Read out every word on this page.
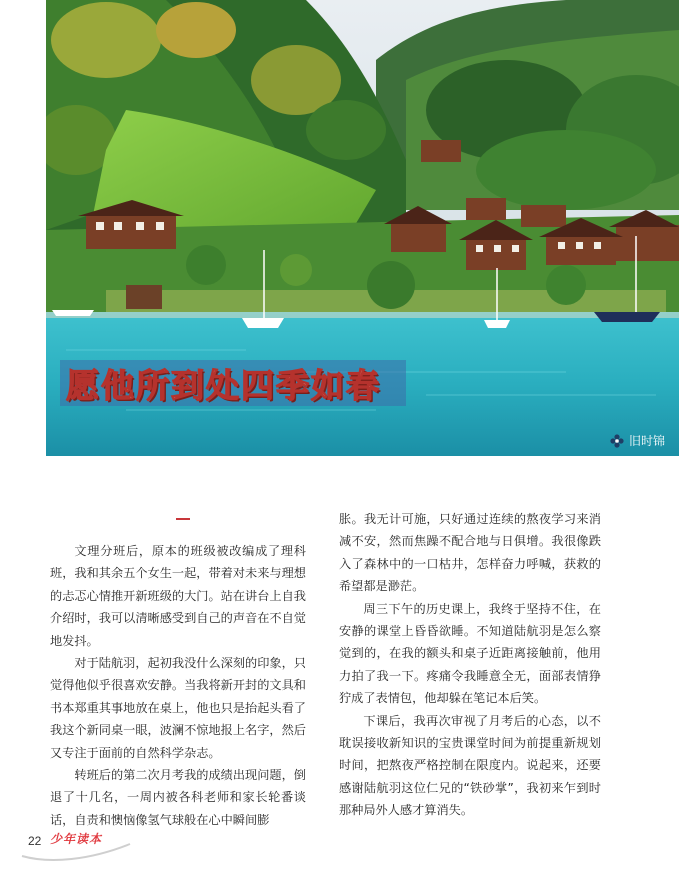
愿他所到处四季如春
旧时锦

文理分班后，原本的班级被改编成了理科班，我和其余五个女生一起，带着对未来与理想的忐忑心情推开新班级的大门。站在讲台上自我介绍时，我可以清晰感受到自己的声音在不自觉地发抖。

对于陆航羽，起初我没什么深刻的印象，只觉得他似乎很喜欢安静。当我将新开封的文具和书本郑重其事地放在桌上，他也只是抬起头看了我这个新同桌一眼，波澜不惊地报上名字，然后又专注于面前的自然科学杂志。

转班后的第二次月考我的成绩出现问题，倒退了十几名，一周内被各科老师和家长轮番谈话，自责和懊恼像氢气球般在心中瞬间膨

胀。我无计可施，只好通过连续的熬夜学习来消减不安，然而焦躁不配合地与日俱增。我很像跌入了森林中的一口枯井，怎样奋力呼喊，获救的希望都是渺茫。

周三下午的历史课上，我终于坚持不住，在安静的课堂上昏昏欲睡。不知道陆航羽是怎么察觉到的，在我的额头和桌子近距离接触前，他用力拍了我一下。疼痛令我睡意全无，面部表情狰狞成了表情包，他却躲在笔记本后笑。

下课后，我再次审视了月考后的心态，以不耽误接收新知识的宝贵课堂时间为前提重新规划时间，把熬夜严格控制在限度内。说起来，还要感谢陆航羽这位仁兄的“铁砂掌”，我初来乍到时那种局外人感才算消失。

22 少年读本
